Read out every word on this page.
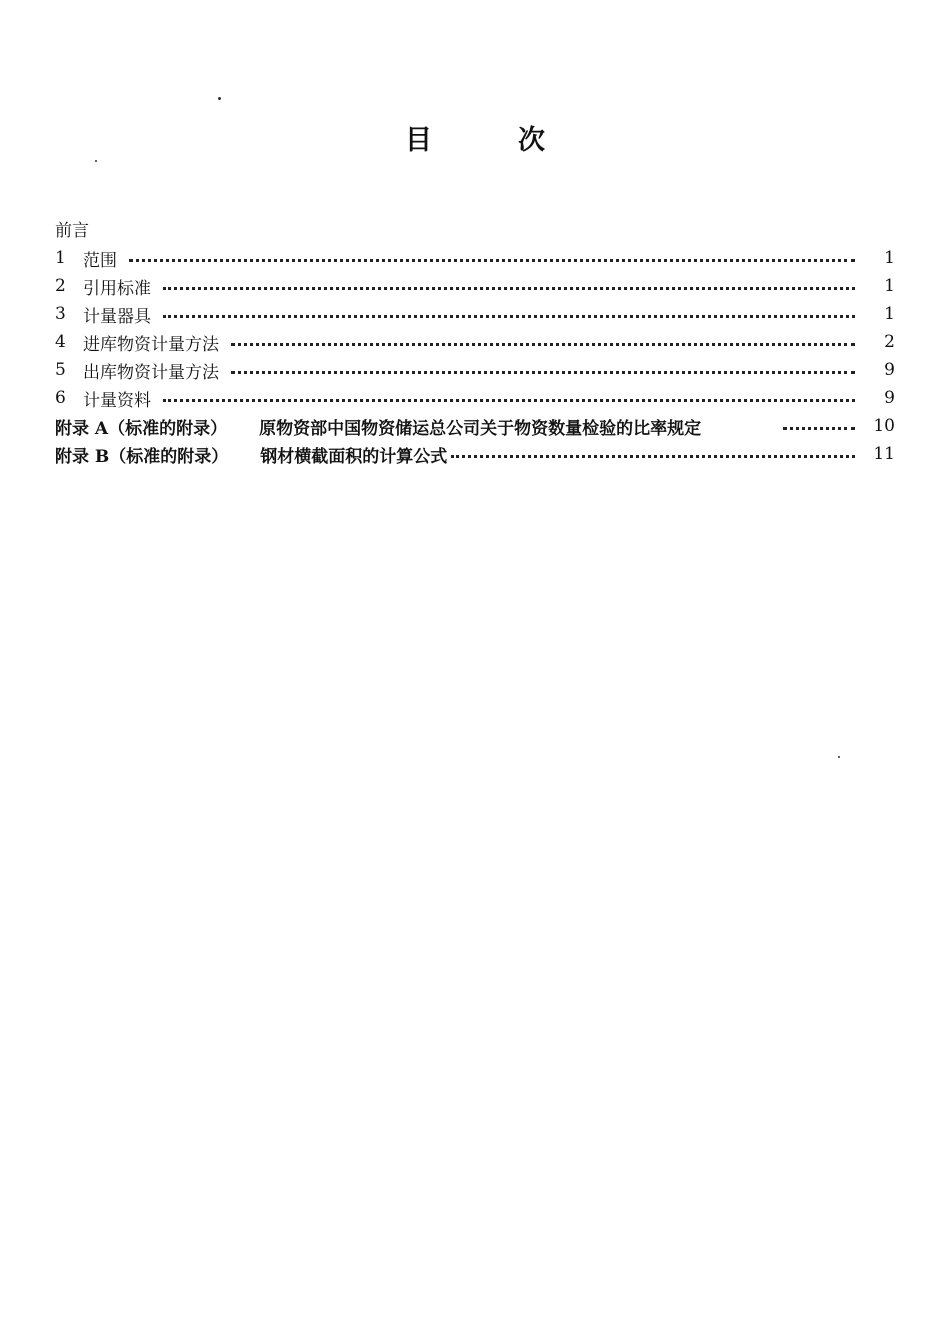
目	次
前言
1	范围	1
2	引用标准	1
3	计量器具	1
4	进库物资计量方法	2
5	出库物资计量方法	9
6	计量资料	9
附录 A（标准的附录） 原物资部中国物资储运总公司关于物资数量检验的比率规定	10
附录 B（标准的附录） 钢材横截面积的计算公式	11
